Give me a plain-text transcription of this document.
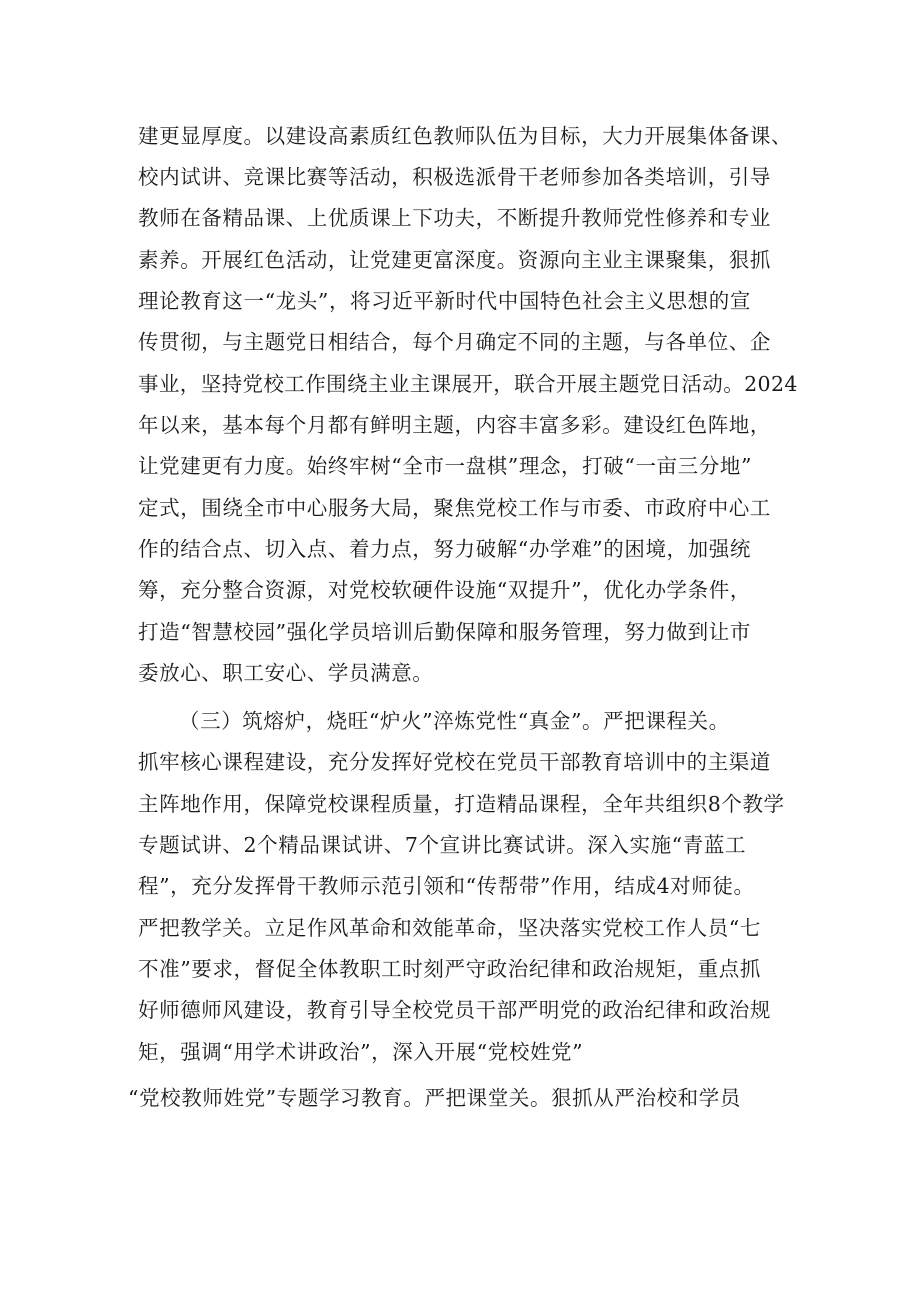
建更显厚度。以建设高素质红色教师队伍为目标，大力开展集体备课、
校内试讲、竞课比赛等活动，积极选派骨干老师参加各类培训，引导
教师在备精品课、上优质课上下功夫，不断提升教师党性修养和专业
素养。开展红色活动，让党建更富深度。资源向主业主课聚集，狠抓
理论教育这一“龙头”，将习近平新时代中国特色社会主义思想的宣
传贯彻，与主题党日相结合，每个月确定不同的主题，与各单位、企
事业，坚持党校工作围绕主业主课展开，联合开展主题党日活动。2024
年以来，基本每个月都有鲜明主题，内容丰富多彩。建设红色阵地，
让党建更有力度。始终牢树“全市一盘棋”理念，打破“一亩三分地”
定式，围绕全市中心服务大局，聚焦党校工作与市委、市政府中心工
作的结合点、切入点、着力点，努力破解“办学难”的困境，加强统
筹，充分整合资源，对党校软硬件设施“双提升”，优化办学条件，
打造“智慧校园”强化学员培训后勤保障和服务管理，努力做到让市
委放心、职工安心、学员满意。
（三）筑熔炉，烧旺“炉火”淬炼党性“真金”。严把课程关。
抓牢核心课程建设，充分发挥好党校在党员干部教育培训中的主渠道
主阵地作用，保障党校课程质量，打造精品课程，全年共组织8个教学
专题试讲、2个精品课试讲、7个宣讲比赛试讲。深入实施“青蓝工
程”，充分发挥骨干教师示范引领和“传帮带”作用，结成4对师徒。
严把教学关。立足作风革命和效能革命，坚决落实党校工作人员“七
不准”要求，督促全体教职工时刻严守政治纪律和政治规矩，重点抓
好师德师风建设，教育引导全校党员干部严明党的政治纪律和政治规
矩，强调“用学术讲政治”，深入开展“党校姓党”
“党校教师姓党”专题学习教育。严把课堂关。狠抓从严治校和学员
